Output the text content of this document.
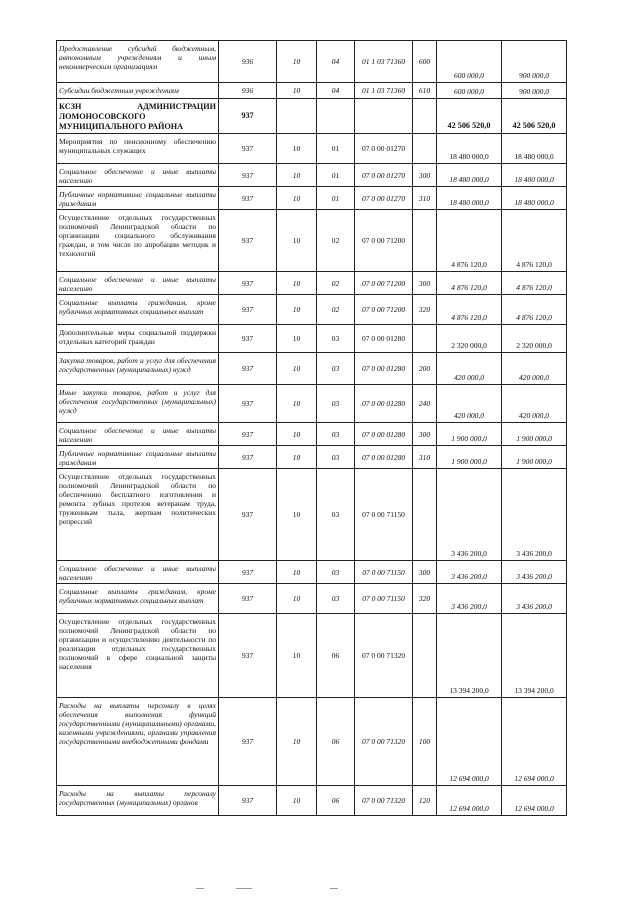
Предоставление субсидий бюджетным, автономным учреждениям и иным некоммерческим организациям	936	10	04	01 1 03 71360	600	600 000,0	900 000,0
Субсидии бюджетным учреждениям	936	10	04	01 1 03 71360	610	600 000,0	900 000,0
КСЗН АДМИНИСТРАЦИИ ЛОМОНОСОВСКОГО МУНИЦИПАЛЬНОГО РАЙОНА	937					42 506 520,0	42 506 520,0
Мероприятия по пенсионному обеспечению муниципальных служащих	937	10	01	07 0 00 01270		18 480 000,0	18 480 000,0
Социальное обеспечение и иные выплаты населению	937	10	01	07 0 00 01270	300	18 480 000,0	18 480 000,0
Публичные нормативные социальные выплаты гражданам	937	10	01	07 0 00 01270	310	18 480 000,0	18 480 000,0
Осуществление отдельных государственных полномочий Ленинградской области по организации социального обслуживания граждан, в том числе по апробации методик и технологий	937	10	02	07 0 00 71200		4 876 120,0	4 876 120,0
Социальное обеспечение и иные выплаты населению	937	10	02	07 0 00 71200	300	4 876 120,0	4 876 120,0
Социальные выплаты гражданам, кроме публичных нормативных социальных выплат	937	10	02	07 0 00 71200	320	4 876 120,0	4 876 120,0
Дополнительные меры социальной поддержки отдельных категорий граждан	937	10	03	07 0 00 01280		2 320 000,0	2 320 000,0
Закупка товаров, работ и услуг для обеспечения государственных (муниципальных) нужд	937	10	03	07 0 00 01280	200	420 000,0	420 000,0
Иные закупки товаров, работ и услуг для обеспечения государственных (муниципальных) нужд	937	10	03	07 0 00 01280	240	420 000,0	420 000,0
Социальное обеспечение и иные выплаты населению	937	10	03	07 0 00 01280	300	1 900 000,0	1 900 000,0
Публичные нормативные социальные выплаты гражданам	937	10	03	07 0 00 01280	310	1 900 000,0	1 900 000,0
Осуществление отдельных государственных полномочий Ленинградской области по обеспечению бесплатного изготовления и ремонта зубных протезов ветеранам труда, труженикам тыла, жертвам политических репрессий	937	10	03	07 0 00 71150		3 436 200,0	3 436 200,0
Социальное обеспечение и иные выплаты населению	937	10	03	07 0 00 71150	300	3 436 200,0	3 436 200,0
Социальные выплаты гражданам, кроме публичных нормативных социальных выплат	937	10	03	07 0 00 71150	320	3 436 200,0	3 436 200,0
Осуществление отдельных государственных полномочий Ленинградской области по организации и осуществлению деятельности по реализации отдельных государственных полномочий в сфере социальной защиты населения	937	10	06	07 0 00 71320		13 394 200,0	13 394 200,0
Расходы на выплаты персоналу в целях обеспечения выполнения функций государственными (муниципальными) органами, казенными учреждениями, органами управления государственными внебюджетными фондами	937	10	06	07 0 00 71320	100	12 694 000,0	12 694 000,0
Расходы на выплаты персоналу государственных (муниципальных) органов	937	10	06	07 0 00 71320	120	12 694 000,0	12 694 000,0
